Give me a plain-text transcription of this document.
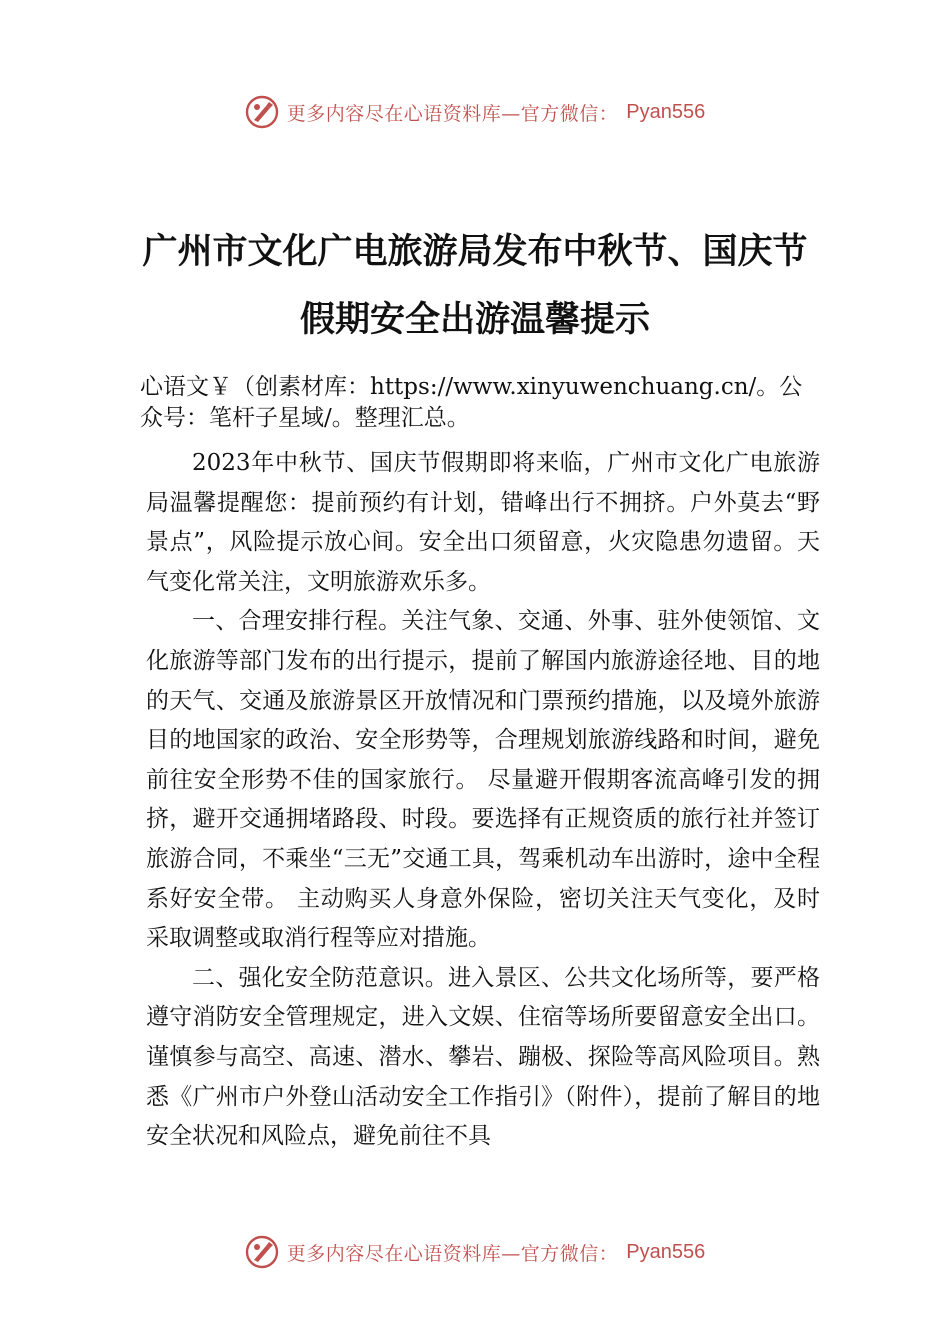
更多内容尽在心语资料库—官方微信： Pyan556
广州市文化广电旅游局发布中秋节、国庆节假期安全出游温馨提示

心语文￥（创素材库：https://www.xinyuwenchuang.cn/。公众号：笔杆子星域/。整理汇总。

2023年中秋节、国庆节假期即将来临，广州市文化广电旅游局温馨提醒您：提前预约有计划，错峰出行不拥挤。户外莫去“野景点”，风险提示放心间。安全出口须留意，火灾隐患勿遗留。天气变化常关注，文明旅游欢乐多。

一、合理安排行程。关注气象、交通、外事、驻外使领馆、文化旅游等部门发布的出行提示，提前了解国内旅游途径地、目的地的天气、交通及旅游景区开放情况和门票预约措施，以及境外旅游目的地国家的政治、安全形势等，合理规划旅游线路和时间，避免前往安全形势不佳的国家旅行。 尽量避开假期客流高峰引发的拥挤，避开交通拥堵路段、时段。要选择有正规资质的旅行社并签订旅游合同，不乘坐“三无”交通工具，驾乘机动车出游时，途中全程系好安全带。 主动购买人身意外保险，密切关注天气变化，及时采取调整或取消行程等应对措施。

二、强化安全防范意识。进入景区、公共文化场所等，要严格遵守消防安全管理规定，进入文娱、住宿等场所要留意安全出口。谨慎参与高空、高速、潜水、攀岩、蹦极、探险等高风险项目。熟悉《广州市户外登山活动安全工作指引》（附件），提前了解目的地安全状况和风险点，避免前往不具

更多内容尽在心语资料库—官方微信： Pyan556
